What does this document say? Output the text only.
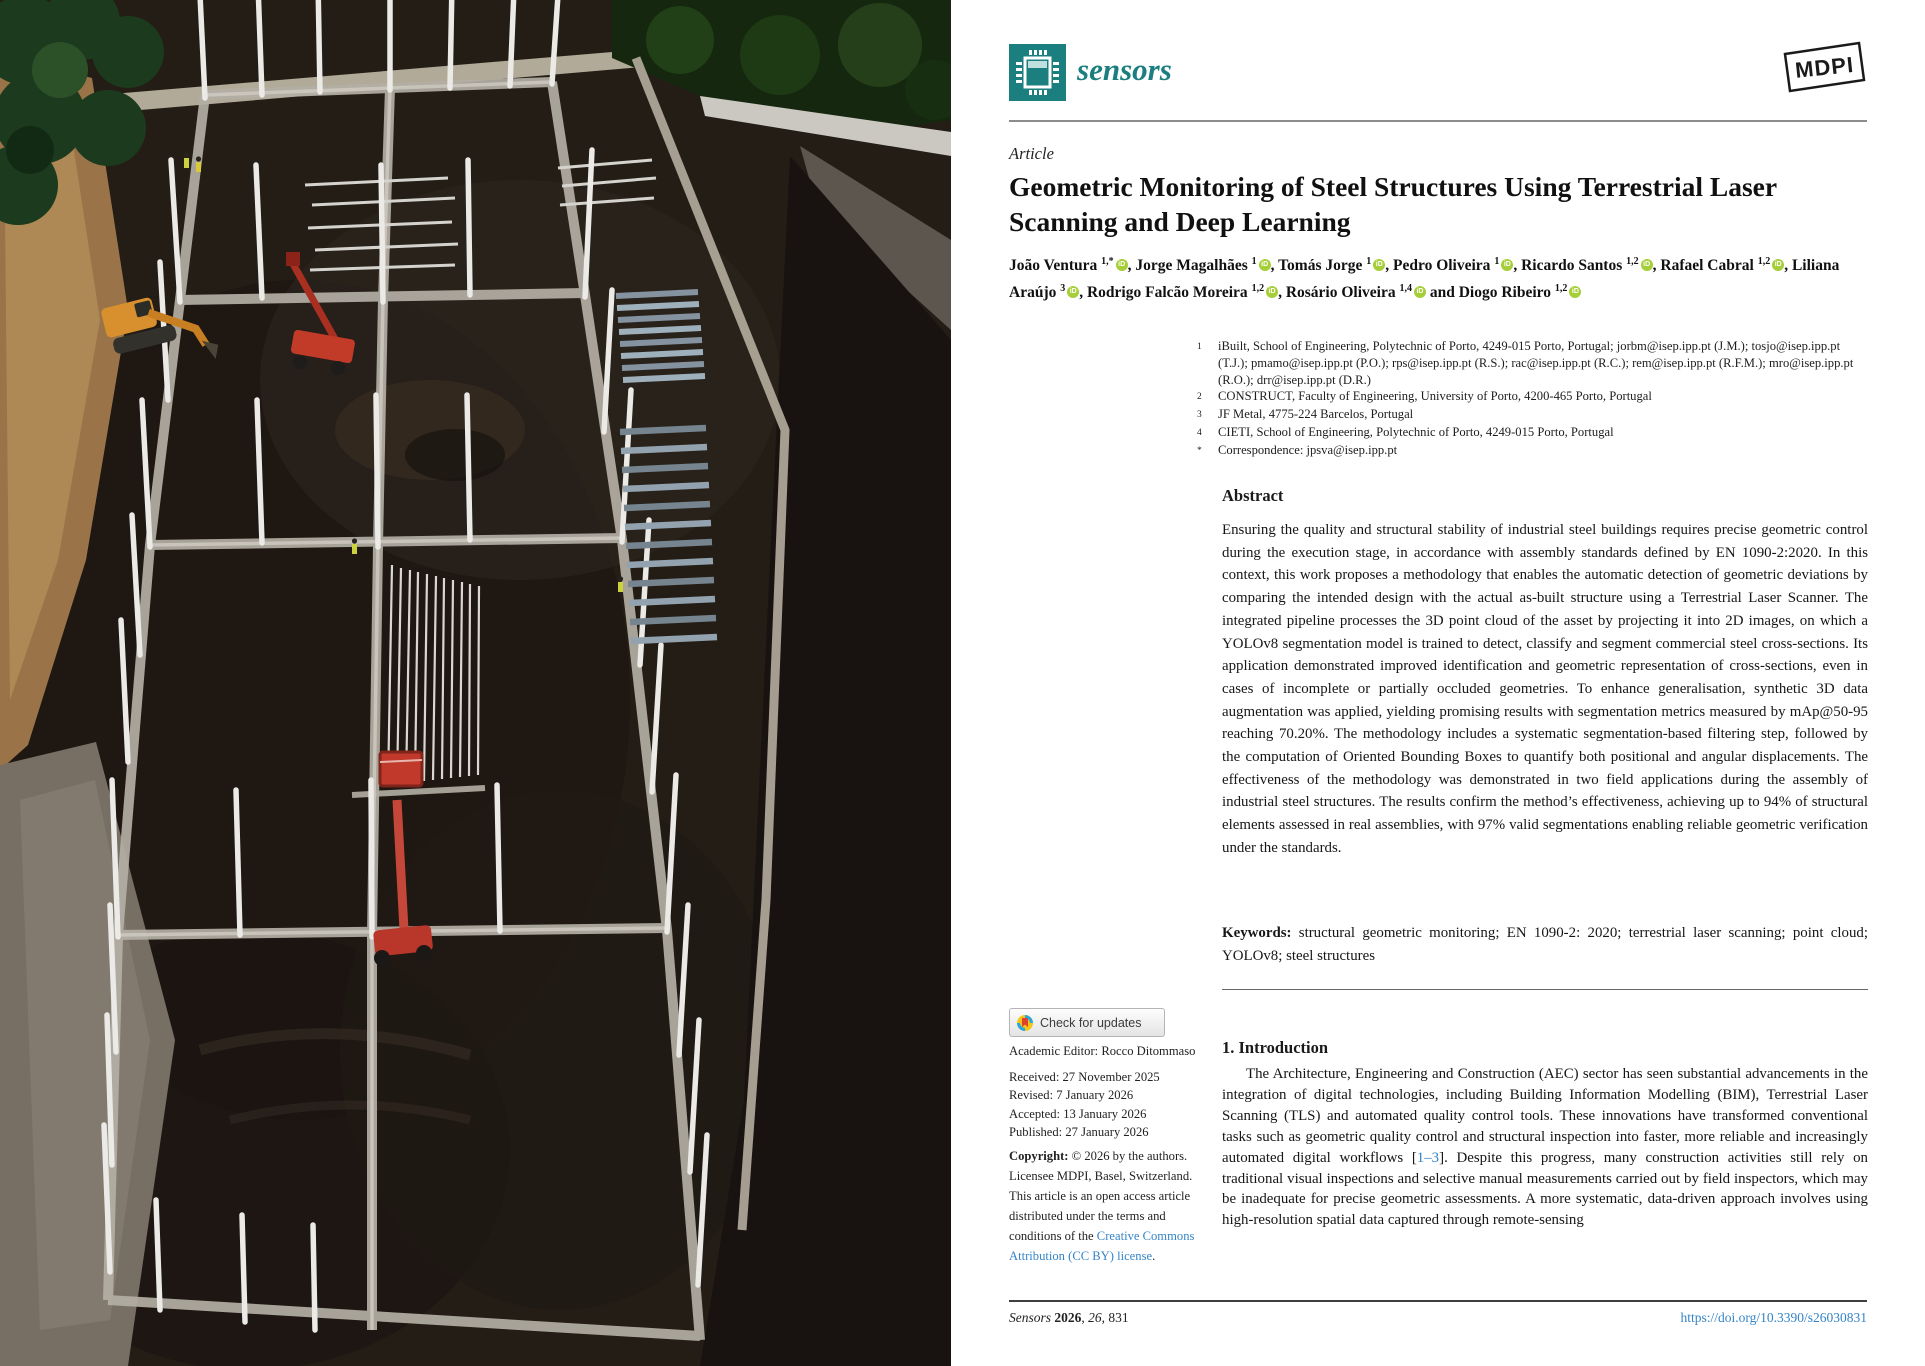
sensors	MDPI
Article
Geometric Monitoring of Steel Structures Using Terrestrial Laser Scanning and Deep Learning
João Ventura $^{1,*}$ iD , Jorge Magalhães $^1$ iD , Tomás Jorge $^1$ iD , Pedro Oliveira $^1$ iD , Ricardo Santos $^{1,2}$ iD , Rafael Cabral $^{1,2}$ iD , Liliana Araújo $^3$ iD , Rodrigo Falcão Moreira $^{1,2}$ iD , Rosário Oliveira $^{1,4}$ iD and Diogo Ribeiro $^{1,2}$ iD
1	iBuilt, School of Engineering, Polytechnic of Porto, 4249-015 Porto, Portugal; jorbm@isep.ipp.pt (J.M.); tosjo@isep.ipp.pt (T.J.); pmamo@isep.ipp.pt (P.O.); rps@isep.ipp.pt (R.S.); rac@isep.ipp.pt (R.C.); rem@isep.ipp.pt (R.F.M.); mro@isep.ipp.pt (R.O.); drr@isep.ipp.pt (D.R.)
2	CONSTRUCT, Faculty of Engineering, University of Porto, 4200-465 Porto, Portugal
3	JF Metal, 4775-224 Barcelos, Portugal
4	CIETI, School of Engineering, Polytechnic of Porto, 4249-015 Porto, Portugal
*	Correspondence: jpsva@isep.ipp.pt
Abstract

Ensuring the quality and structural stability of industrial steel buildings requires precise geometric control during the execution stage, in accordance with assembly standards defined by EN 1090-2:2020. In this context, this work proposes a methodology that enables the automatic detection of geometric deviations by comparing the intended design with the actual as-built structure using a Terrestrial Laser Scanner. The integrated pipeline processes the 3D point cloud of the asset by projecting it into 2D images, on which a YOLOv8 segmentation model is trained to detect, classify and segment commercial steel cross-sections. Its application demonstrated improved identification and geometric representation of cross-sections, even in cases of incomplete or partially occluded geometries. To enhance generalisation, synthetic 3D data augmentation was applied, yielding promising results with segmentation metrics measured by mAp@50-95 reaching 70.20%. The methodology includes a systematic segmentation-based filtering step, followed by the computation of Oriented Bounding Boxes to quantify both positional and angular displacements. The effectiveness of the methodology was demonstrated in two field applications during the assembly of industrial steel structures. The results confirm the method’s effectiveness, achieving up to 94% of structural elements assessed in real assemblies, with 97% valid segmentations enabling reliable geometric verification under the standards.

Keywords: structural geometric monitoring; EN 1090-2: 2020; terrestrial laser scanning; point cloud; YOLOv8; steel structures

Check for updates
Academic Editor: Rocco Ditommaso
Received: 27 November 2025
Revised: 7 January 2026
Accepted: 13 January 2026
Published: 27 January 2026
Copyright: © 2026 by the authors. Licensee MDPI, Basel, Switzerland. This article is an open access article distributed under the terms and conditions of the Creative Commons Attribution (CC BY) license.
1. Introduction

The Architecture, Engineering and Construction (AEC) sector has seen substantial advancements in the integration of digital technologies, including Building Information Modelling (BIM), Terrestrial Laser Scanning (TLS) and automated quality control tools. These innovations have transformed conventional tasks such as geometric quality control and structural inspection into faster, more reliable and increasingly automated digital workflows [1–3]. Despite this progress, many construction activities still rely on traditional visual inspections and selective manual measurements carried out by field inspectors, which may be inadequate for precise geometric assessments. A more systematic, data-driven approach involves using high-resolution spatial data captured through remote-sensing

Sensors 2026, 26, 831	https://doi.org/10.3390/s26030831
